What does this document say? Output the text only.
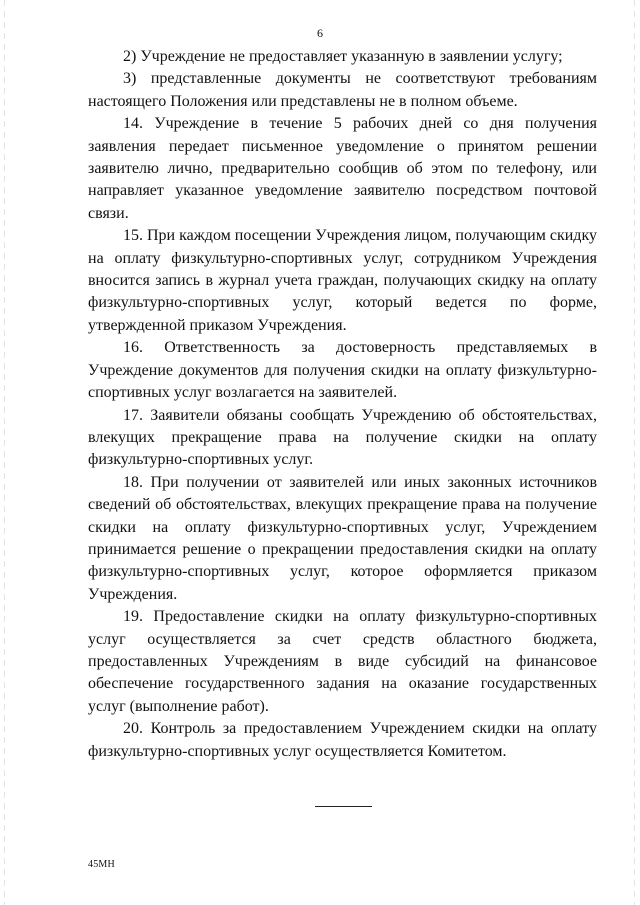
6

2) Учреждение не предоставляет указанную в заявлении услугу;

3) представленные документы не соответствуют требованиям настоящего Положения или представлены не в полном объеме.

14. Учреждение в течение 5 рабочих дней со дня получения заявления передает письменное уведомление о принятом решении заявителю лично, предварительно сообщив об этом по телефону, или направляет указанное уведомление заявителю посредством почтовой связи.

15. При каждом посещении Учреждения лицом, получающим скидку на оплату физкультурно-спортивных услуг, сотрудником Учреждения вносится запись в журнал учета граждан, получающих скидку на оплату физкультурно-спортивных услуг, который ведется по форме, утвержденной приказом Учреждения.

16. Ответственность за достоверность представляемых в Учреждение документов для получения скидки на оплату физкультурно-спортивных услуг возлагается на заявителей.

17. Заявители обязаны сообщать Учреждению об обстоятельствах, влекущих прекращение права на получение скидки на оплату физкультурно-спортивных услуг.

18. При получении от заявителей или иных законных источников сведений об обстоятельствах, влекущих прекращение права на получение скидки на оплату физкультурно-спортивных услуг, Учреждением принимается решение о прекращении предоставления скидки на оплату физкультурно-спортивных услуг, которое оформляется приказом Учреждения.

19. Предоставление скидки на оплату физкультурно-спортивных услуг осуществляется за счет средств областного бюджета, предоставленных Учреждениям в виде субсидий на финансовое обеспечение государственного задания на оказание государственных услуг (выполнение работ).

20. Контроль за предоставлением Учреждением скидки на оплату физкультурно-спортивных услуг осуществляется Комитетом.

45МН
